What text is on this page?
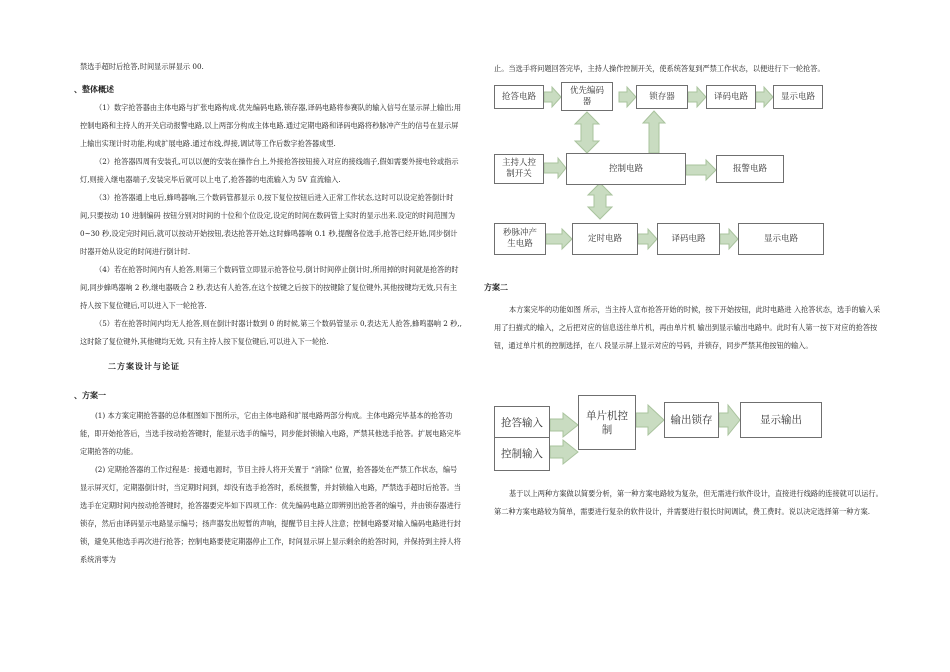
禁选手超时后抢答,时间显示屏显示 00.

、整体概述

（1）数字抢答器由主体电路与扩张电路构成.优先编码电路,锁存器,译码电路将参赛队的输入信号在显示屏上输出;用控制电路和主持人的开关启动报警电路,以上两部分构成主体电路.通过定期电路和译码电路将秒脉冲产生的信号在显示屏上输出实现计时功能,构成扩展电路.通过布线,焊接,调试等工作后数字抢答器成型.

（2）抢答器四周有安装孔,可以以便的安装在操作台上,外接抢答按钮接入对应的接线端子,假如需要外接电铃或指示灯,则接入继电器端子,安装完毕后就可以上电了,抢答器的电流输入为 5V 直流输入.

（3）抢答器通上电后,蜂鸣器响,三个数码管都显示 0,按下复位按钮后进入正常工作状态,这时可以设定抢答倒计时间,只要按动 10 进制编码 按钮分别对时间的十位和个位设定,设定的时间在数码管上实时的显示出来.设定的时间范围为0~30 秒,设定完时间后,就可以按动开始按钮,表达抢答开始,这时蜂鸣器响 0.1 秒,提醒各位选手,抢答已经开始,同步倒计时器开始从设定的时间进行倒计时.

（4）若在抢答时间内有人抢答,则第三个数码管立即显示抢答位号,倒计时间停止倒计时,所用掉的时间就是抢答的时间,同步蜂鸣器响 2 秒,继电器吸合 2 秒,表达有人抢答,在这个按键之后按下的按键除了复位键外,其他按键均无效,只有主持人按下复位键后,可以进入下一轮抢答.

（5）若在抢答时间内均无人抢答,则在倒计时器计数到 0 的时候,第三个数码管显示 0,表达无人抢答,蜂鸣器响 2 秒,,这时除了复位键外,其他键均无效, 只有主持人按下复位键后,可以进入下一轮抢.

二方案设计与论证
、方案一

(1) 本方案定期抢答器的总体框图如下图所示，它由主体电路和扩展电路两部分构成。主体电路完毕基本的抢答功能，即开始抢答后，当选手按动抢答键时，能显示选手的编号，同步能封锁输入电路，严禁其他选手抢答。扩展电路完毕定期抢答的功能。

(2) 定期抢答器的工作过程是：接通电源时，节目主持人将开关置于 “消除” 位置，抢答器处在严禁工作状态，编号显示屏灭灯，定期器倒计时，当定期时间到，却没有选手抢答时，系统报警，并封锁输入电路，严禁选手超时后抢答。当选手在定期时间内按动抢答键时，抢答器要完毕如下四项工作：优先编码电路立即辨别出抢答者的编号，并由锁存器进行锁存，然后由译码显示电路显示编号；扬声器发出短暂的声响，提醒节目主持人注意；控制电路要对输入编码电路进行封锁，避免其他选手再次进行抢答；控制电路要使定期器停止工作，时间显示屏上显示剩余的抢答时间，并保持到主持人将系统消零为

止。当选手将问题回答完毕，主持人操作控制开关，使系统答复到严禁工作状态，以便进行下一轮抢答。

抢答电路
优先编码器	锁存器	译码电路	显示电路
主持人控制开关
控制电路	报警电路
秒脉冲产生电路
定时电路	译码电路	显示电路
方案二

本方案完毕的功能如图 所示，当主持人宣布抢答开始的时候，按下开始按钮，此时电路进 入抢答状态，选手的输入采用了扫描式的输入，之后把对应的信息送往单片机，再由单片机 输出到显示输出电路中。此时有人第一按下对应的抢答按钮，通过单片机的控制选择，在八 段显示屏上显示对应的号码，并锁存，同步严禁其他按钮的输入。

抢答输入
控制输入
单片机控制
输出锁存	显示输出

基于以上两种方案做以简要分析，第一种方案电路较为复杂，但无需进行软件设计，直接进行线路的连接就可以运行。第二种方案电路较为简单，需要进行复杂的软件设计，并需要进行很长时间调试，费工费时。说以决定选择第一种方案.
